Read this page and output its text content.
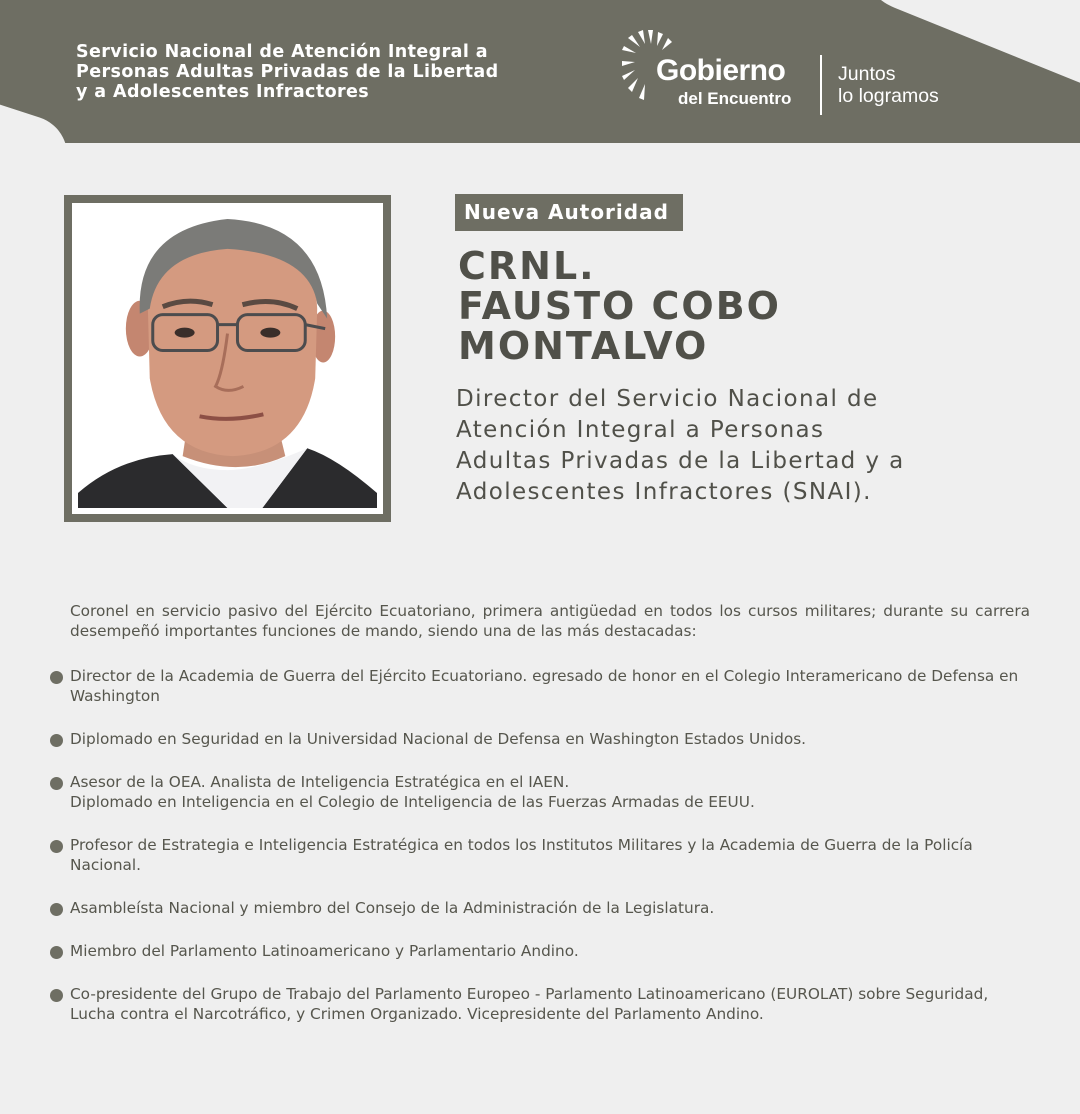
Servicio Nacional de Atención Integral a
Personas Adultas Privadas de la Libertad
y a Adolescentes Infractores
Gobierno
del Encuentro
Juntos
lo logramos
Nueva Autoridad
CRNL.
FAUSTO COBO
MONTALVO
Director del Servicio Nacional de
Atención Integral a Personas
Adultas Privadas de la Libertad y a
Adolescentes Infractores (SNAI).

Coronel en servicio pasivo del Ejército Ecuatoriano, primera antigüedad en todos los cursos militares; durante su carrera desempeñó importantes funciones de mando, siendo una de las más destacadas:

Director de la Academia de Guerra del Ejército Ecuatoriano. egresado de honor en el Colegio Interamericano de Defensa en Washington
Diplomado en Seguridad en la Universidad Nacional de Defensa en Washington Estados Unidos.
Asesor de la OEA. Analista de Inteligencia Estratégica en el IAEN.
Diplomado en Inteligencia en el Colegio de Inteligencia de las Fuerzas Armadas de EEUU.
Profesor de Estrategia e Inteligencia Estratégica en todos los Institutos Militares y la Academia de Guerra de la Policía Nacional.
Asambleísta Nacional y miembro del Consejo de la Administración de la Legislatura.
Miembro del Parlamento Latinoamericano y Parlamentario Andino.
Co-presidente del Grupo de Trabajo del Parlamento Europeo - Parlamento Latinoamericano (EUROLAT) sobre Seguridad, Lucha contra el Narcotráfico, y Crimen Organizado. Vicepresidente del Parlamento Andino.
